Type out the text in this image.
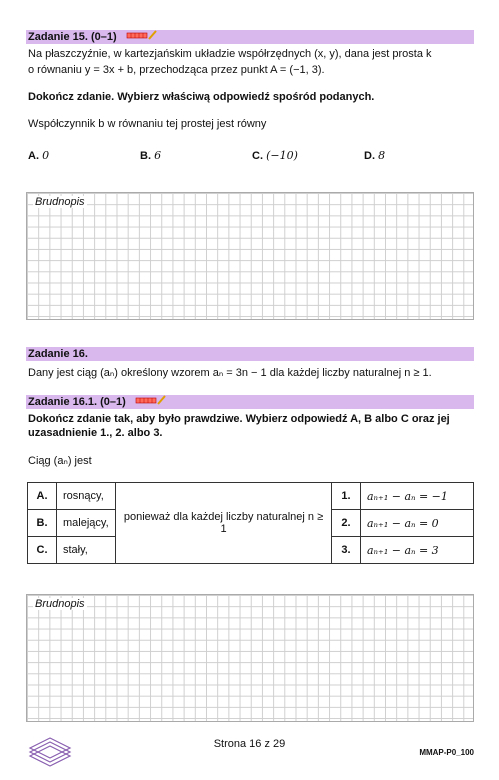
Zadanie 15. (0–1)
Na płaszczyźnie, w kartezjańskim układzie współrzędnych (x, y), dana jest prosta k
o równaniu y = 3x + b, przechodząca przez punkt A = (−1, 3).
Dokończ zdanie. Wybierz właściwą odpowiedź spośród podanych.
Współczynnik b w równaniu tej prostej jest równy
A. 0	B. 6	C. (−10)	D. 8
Brudnopis
Zadanie 16.
Dany jest ciąg (aₙ) określony wzorem aₙ = 3n − 1 dla każdej liczby naturalnej n ≥ 1.
Zadanie 16.1. (0–1)
Dokończ zdanie tak, aby było prawdziwe. Wybierz odpowiedź A, B albo C oraz jej
uzasadnienie 1., 2. albo 3.
Ciąg (aₙ) jest
A.	rosnący,	ponieważ dla każdej liczby naturalnej n ≥ 1	1.	aₙ₊₁ − aₙ = −1
B.	malejący,		2.	aₙ₊₁ − aₙ = 0
C.	stały,		3.	aₙ₊₁ − aₙ = 3
Brudnopis
Strona 16 z 29
MMAP-P0_100
